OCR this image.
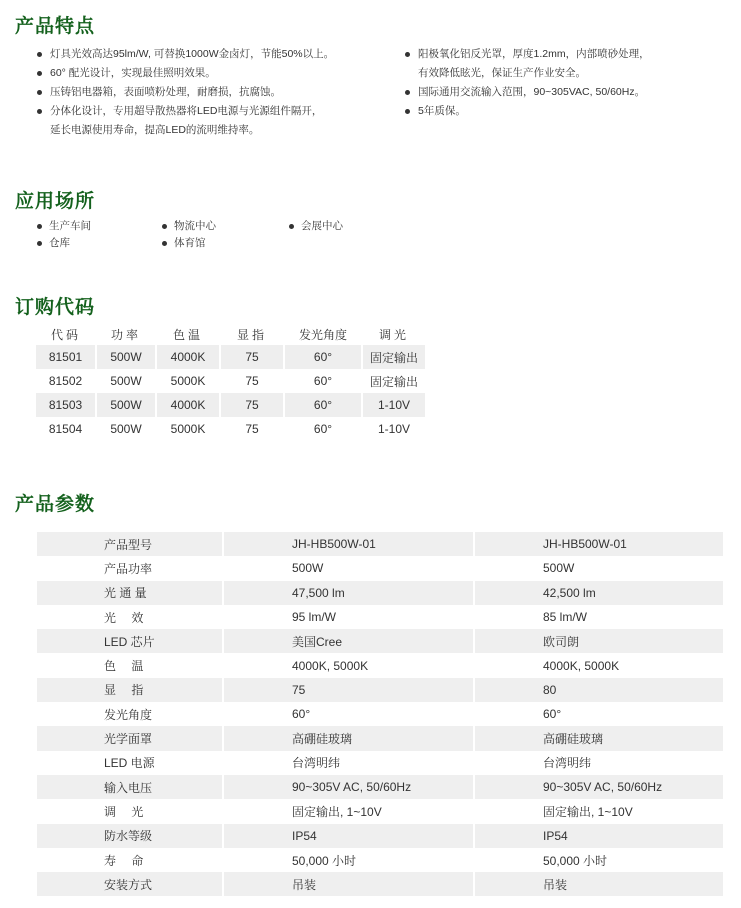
产品特点
灯具光效高达95lm/W, 可替换1000W金卤灯，节能50%以上。
60° 配光设计，实现最佳照明效果。
压铸铝电器箱，表面喷粉处理，耐磨损，抗腐蚀。
分体化设计，专用超导散热器将LED电源与光源组件隔开，
延长电源使用寿命，提高LED的流明维持率。
阳极氧化铝反光罩，厚度1.2mm，内部喷砂处理，
有效降低眩光，保证生产作业安全。
国际通用交流输入范围，90~305VAC, 50/60Hz。
5年质保。
应用场所
生产车间	物流中心	会展中心
仓库	体育馆
订购代码
代码	功率	色温	显指	发光角度	调光
81501	500W	4000K	75	60°	固定输出
81502	500W	5000K	75	60°	固定输出
81503	500W	4000K	75	60°	1-10V
81504	500W	5000K	75	60°	1-10V
产品参数
产品型号	JH-HB500W-01	JH-HB500W-01
产品功率	500W	500W
光 通 量	47,500 lm	42,500 lm
光　 效	95 lm/W	85 lm/W
LED 芯片	美国Cree	欧司朗
色　 温	4000K, 5000K	4000K, 5000K
显　 指	75	80
发光角度	60°	60°
光学面罩	高硼硅玻璃	高硼硅玻璃
LED 电源	台湾明纬	台湾明纬
输入电压	90~305V AC, 50/60Hz	90~305V AC, 50/60Hz
调　 光	固定输出, 1~10V	固定输出, 1~10V
防水等级	IP54	IP54
寿　 命	50,000 小时	50,000 小时
安装方式	吊装	吊装
